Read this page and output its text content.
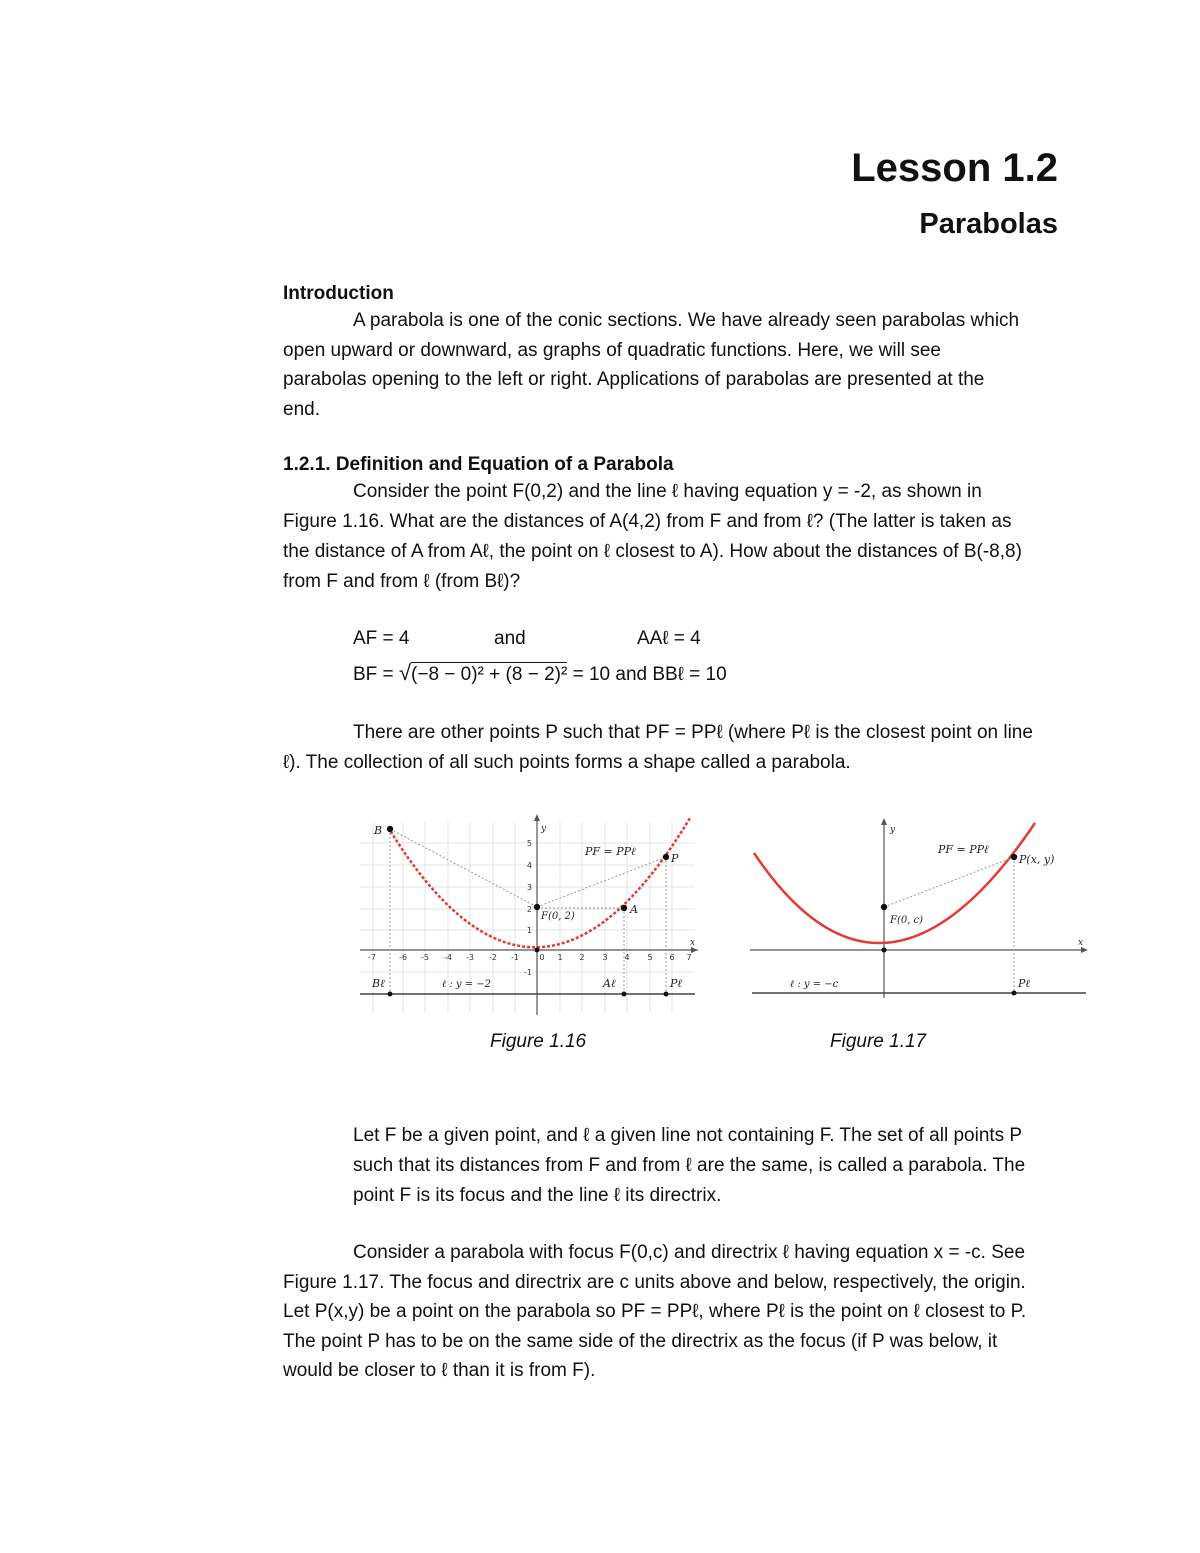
Lesson 1.2
Parabolas
Introduction
A parabola is one of the conic sections. We have already seen parabolas which
open upward or downward, as graphs of quadratic functions. Here, we will see
parabolas opening to the left or right. Applications of parabolas are presented at the
end.
1.2.1. Definition and Equation of a Parabola
Consider the point F(0,2) and the line ℓ having equation y = -2, as shown in
Figure 1.16. What are the distances of A(4,2) from F and from ℓ? (The latter is taken as
the distance of A from Aℓ, the point on ℓ closest to A). How about the distances of B(-8,8)
from F and from ℓ (from Bℓ)?
AF = 4	and	AAℓ = 4
BF = √(−8 − 0)² + (8 − 2)² = 10 and BBℓ = 10
There are other points P such that PF = PPℓ (where Pℓ is the closest point on line
ℓ). The collection of all such points forms a shape called a parabola.
B
P
A
F(0, 2)
y
x
PF = PPℓ
ℓ : y = −2
Bℓ	Aℓ	Pℓ
-7	-6 -5 -4 -3 -2 -1	0 1 2 3 4 5 6 7
5
4
3
2
1
-1
y
x
PF = PPℓ
P(x, y)
F(0, c)
ℓ : y = −c	Pℓ
Figure 1.16	Figure 1.17
Let F be a given point, and ℓ a given line not containing F. The set of all points P
such that its distances from F and from ℓ are the same, is called a parabola. The
point F is its focus and the line ℓ its directrix.
Consider a parabola with focus F(0,c) and directrix ℓ having equation x = -c. See
Figure 1.17. The focus and directrix are c units above and below, respectively, the origin.
Let P(x,y) be a point on the parabola so PF = PPℓ, where Pℓ is the point on ℓ closest to P.
The point P has to be on the same side of the directrix as the focus (if P was below, it
would be closer to ℓ than it is from F).
